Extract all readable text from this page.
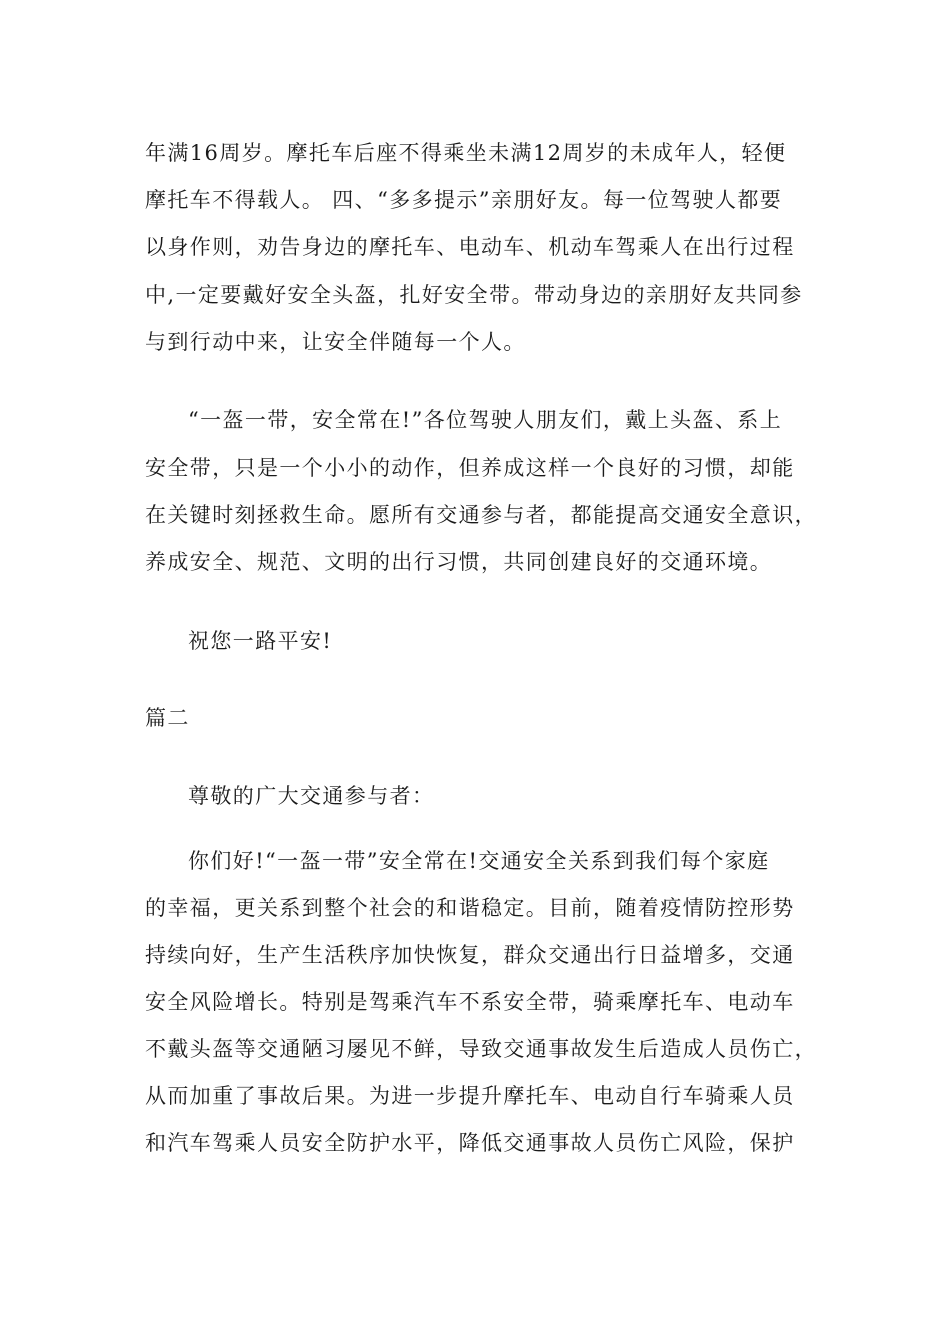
年满16周岁。摩托车后座不得乘坐未满12周岁的未成年人，轻便
摩托车不得载人。 四、“多多提示”亲朋好友。每一位驾驶人都要
以身作则，劝告身边的摩托车、电动车、机动车驾乘人在出行过程
中,一定要戴好安全头盔，扎好安全带。带动身边的亲朋好友共同参
与到行动中来，让安全伴随每一个人。
“一盔一带，安全常在!”各位驾驶人朋友们，戴上头盔、系上
安全带，只是一个小小的动作，但养成这样一个良好的习惯，却能
在关键时刻拯救生命。愿所有交通参与者，都能提高交通安全意识，
养成安全、规范、文明的出行习惯，共同创建良好的交通环境。
祝您一路平安!
篇二
尊敬的广大交通参与者：
你们好!“一盔一带”安全常在!交通安全关系到我们每个家庭
的幸福，更关系到整个社会的和谐稳定。目前，随着疫情防控形势
持续向好，生产生活秩序加快恢复，群众交通出行日益增多，交通
安全风险增长。特别是驾乘汽车不系安全带，骑乘摩托车、电动车
不戴头盔等交通陋习屡见不鲜，导致交通事故发生后造成人员伤亡，
从而加重了事故后果。为进一步提升摩托车、电动自行车骑乘人员
和汽车驾乘人员安全防护水平，降低交通事故人员伤亡风险，保护
